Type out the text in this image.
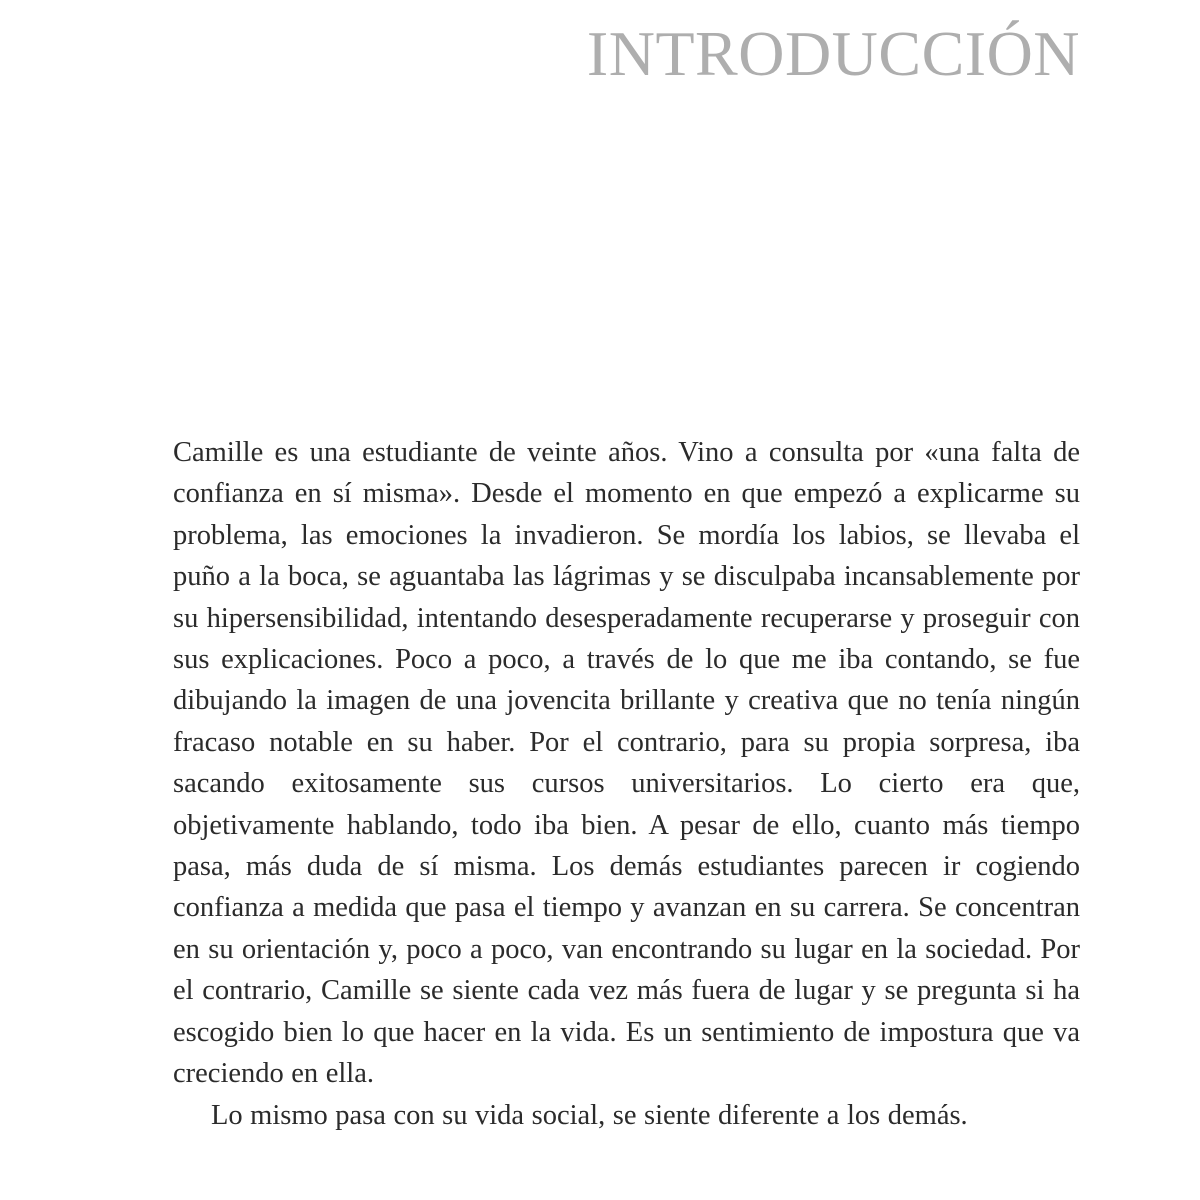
INTRODUCCIÓN

Camille es una estudiante de veinte años. Vino a consulta por «una falta de confianza en sí misma». Desde el momento en que empezó a explicarme su problema, las emociones la invadieron. Se mordía los labios, se llevaba el puño a la boca, se aguantaba las lágrimas y se disculpaba incansablemente por su hipersensibilidad, intentando desesperadamente recuperarse y proseguir con sus explicaciones. Poco a poco, a través de lo que me iba contando, se fue dibujando la imagen de una jovencita brillante y creativa que no tenía ningún fracaso notable en su haber. Por el contrario, para su propia sorpresa, iba sacando exitosamente sus cursos universitarios. Lo cierto era que, objetivamente hablando, todo iba bien. A pesar de ello, cuanto más tiempo pasa, más duda de sí misma. Los demás estudiantes parecen ir cogiendo confianza a medida que pasa el tiempo y avanzan en su carrera. Se concentran en su orientación y, poco a poco, van encontrando su lugar en la sociedad. Por el contrario, Camille se siente cada vez más fuera de lugar y se pregunta si ha escogido bien lo que hacer en la vida. Es un sentimiento de impostura que va creciendo en ella.

Lo mismo pasa con su vida social, se siente diferente a los demás.
